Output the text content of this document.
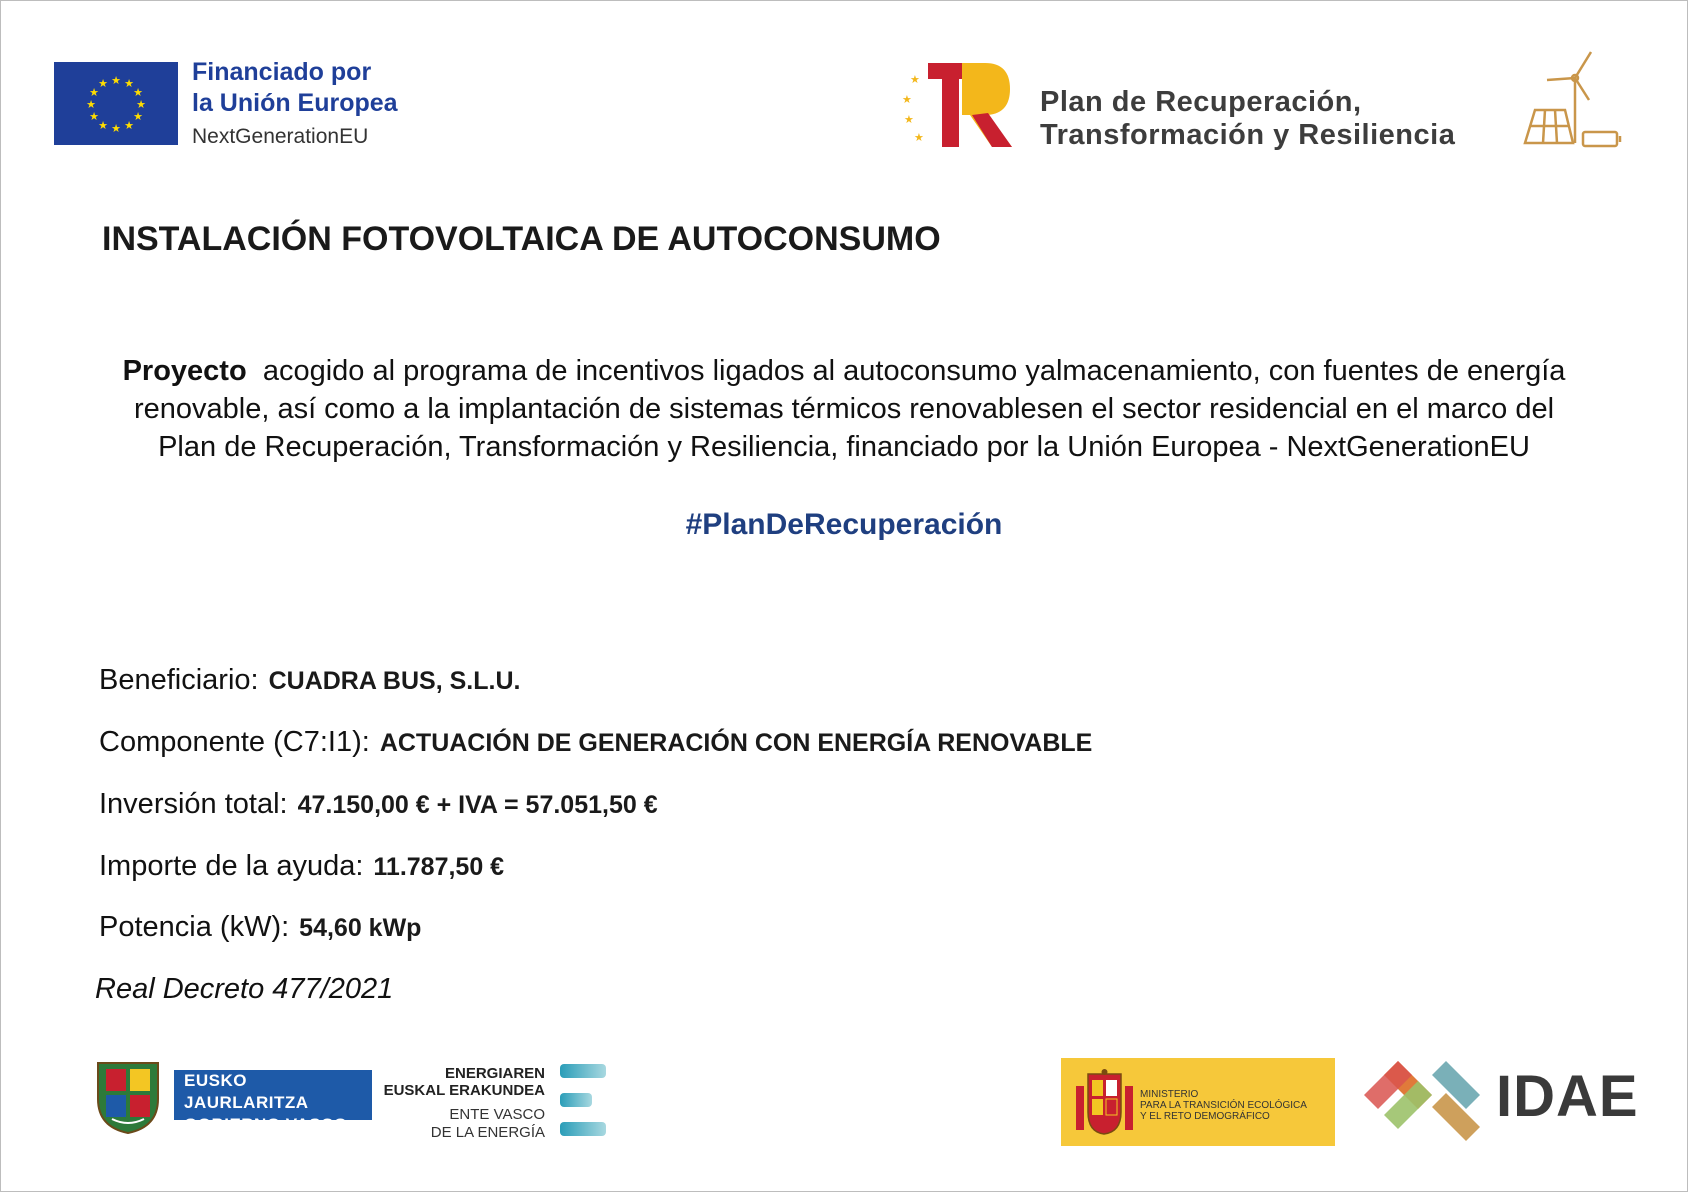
★ ★
★
★
★
★
★
★
★
★
★
★	Financiado por
la Unión Europea
NextGenerationEU
★
★
★
★
Plan de Recuperación,
Transformación y Resiliencia
INSTALACIÓN FOTOVOLTAICA DE AUTOCONSUMO
Proyecto acogido al programa de incentivos ligados al autoconsumo yalmacenamiento, con fuentes de energía
renovable, así como a la implantación de sistemas térmicos renovablesen el sector residencial en el marco del
Plan de Recuperación, Transformación y Resiliencia, financiado por la Unión Europea - NextGenerationEU
#PlanDeRecuperación
Beneficiario: CUADRA BUS, S.L.U.
Componente (C7:I1): ACTUACIÓN DE GENERACIÓN CON ENERGÍA RENOVABLE
Inversión total: 47.150,00 € + IVA = 57.051,50 €
Importe de la ayuda: 11.787,50 €
Potencia (kW): 54,60 kWp
Real Decreto 477/2021
EUSKO JAURLARITZA
GOBIERNO VASCO
ENERGIAREN
EUSKAL ERAKUNDEA
ENTE VASCO
DE LA ENERGÍA
MINISTERIO
PARA LA TRANSICIÓN ECOLÓGICA
Y EL RETO DEMOGRÁFICO	IDAE
